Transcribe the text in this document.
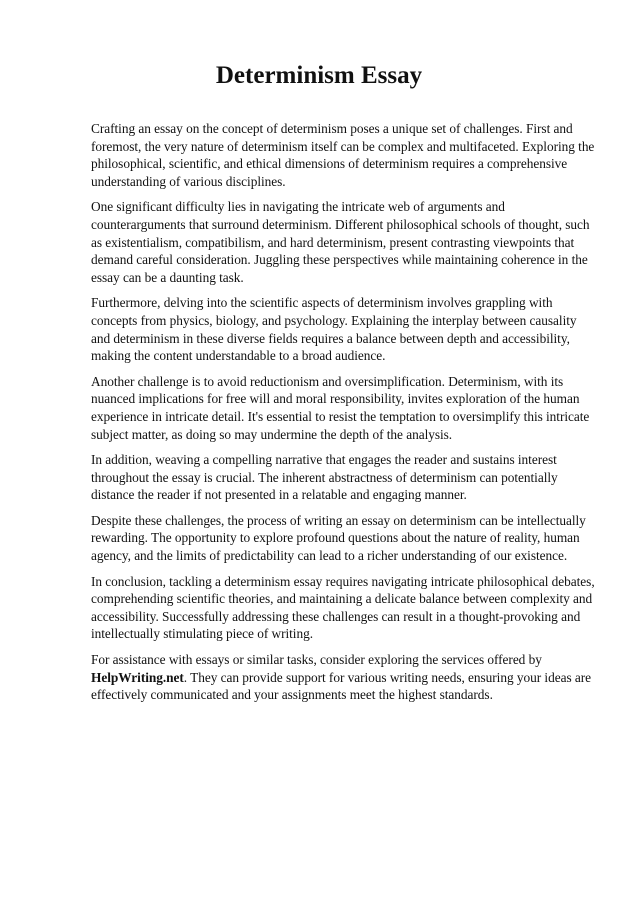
Determinism Essay

Crafting an essay on the concept of determinism poses a unique set of challenges. First and foremost, the very nature of determinism itself can be complex and multifaceted. Exploring the philosophical, scientific, and ethical dimensions of determinism requires a comprehensive understanding of various disciplines.

One significant difficulty lies in navigating the intricate web of arguments and counterarguments that surround determinism. Different philosophical schools of thought, such as existentialism, compatibilism, and hard determinism, present contrasting viewpoints that demand careful consideration. Juggling these perspectives while maintaining coherence in the essay can be a daunting task.

Furthermore, delving into the scientific aspects of determinism involves grappling with concepts from physics, biology, and psychology. Explaining the interplay between causality and determinism in these diverse fields requires a balance between depth and accessibility, making the content understandable to a broad audience.

Another challenge is to avoid reductionism and oversimplification. Determinism, with its nuanced implications for free will and moral responsibility, invites exploration of the human experience in intricate detail. It's essential to resist the temptation to oversimplify this intricate subject matter, as doing so may undermine the depth of the analysis.

In addition, weaving a compelling narrative that engages the reader and sustains interest throughout the essay is crucial. The inherent abstractness of determinism can potentially distance the reader if not presented in a relatable and engaging manner.

Despite these challenges, the process of writing an essay on determinism can be intellectually rewarding. The opportunity to explore profound questions about the nature of reality, human agency, and the limits of predictability can lead to a richer understanding of our existence.

In conclusion, tackling a determinism essay requires navigating intricate philosophical debates, comprehending scientific theories, and maintaining a delicate balance between complexity and accessibility. Successfully addressing these challenges can result in a thought-provoking and intellectually stimulating piece of writing.

For assistance with essays or similar tasks, consider exploring the services offered by HelpWriting.net. They can provide support for various writing needs, ensuring your ideas are effectively communicated and your assignments meet the highest standards.
